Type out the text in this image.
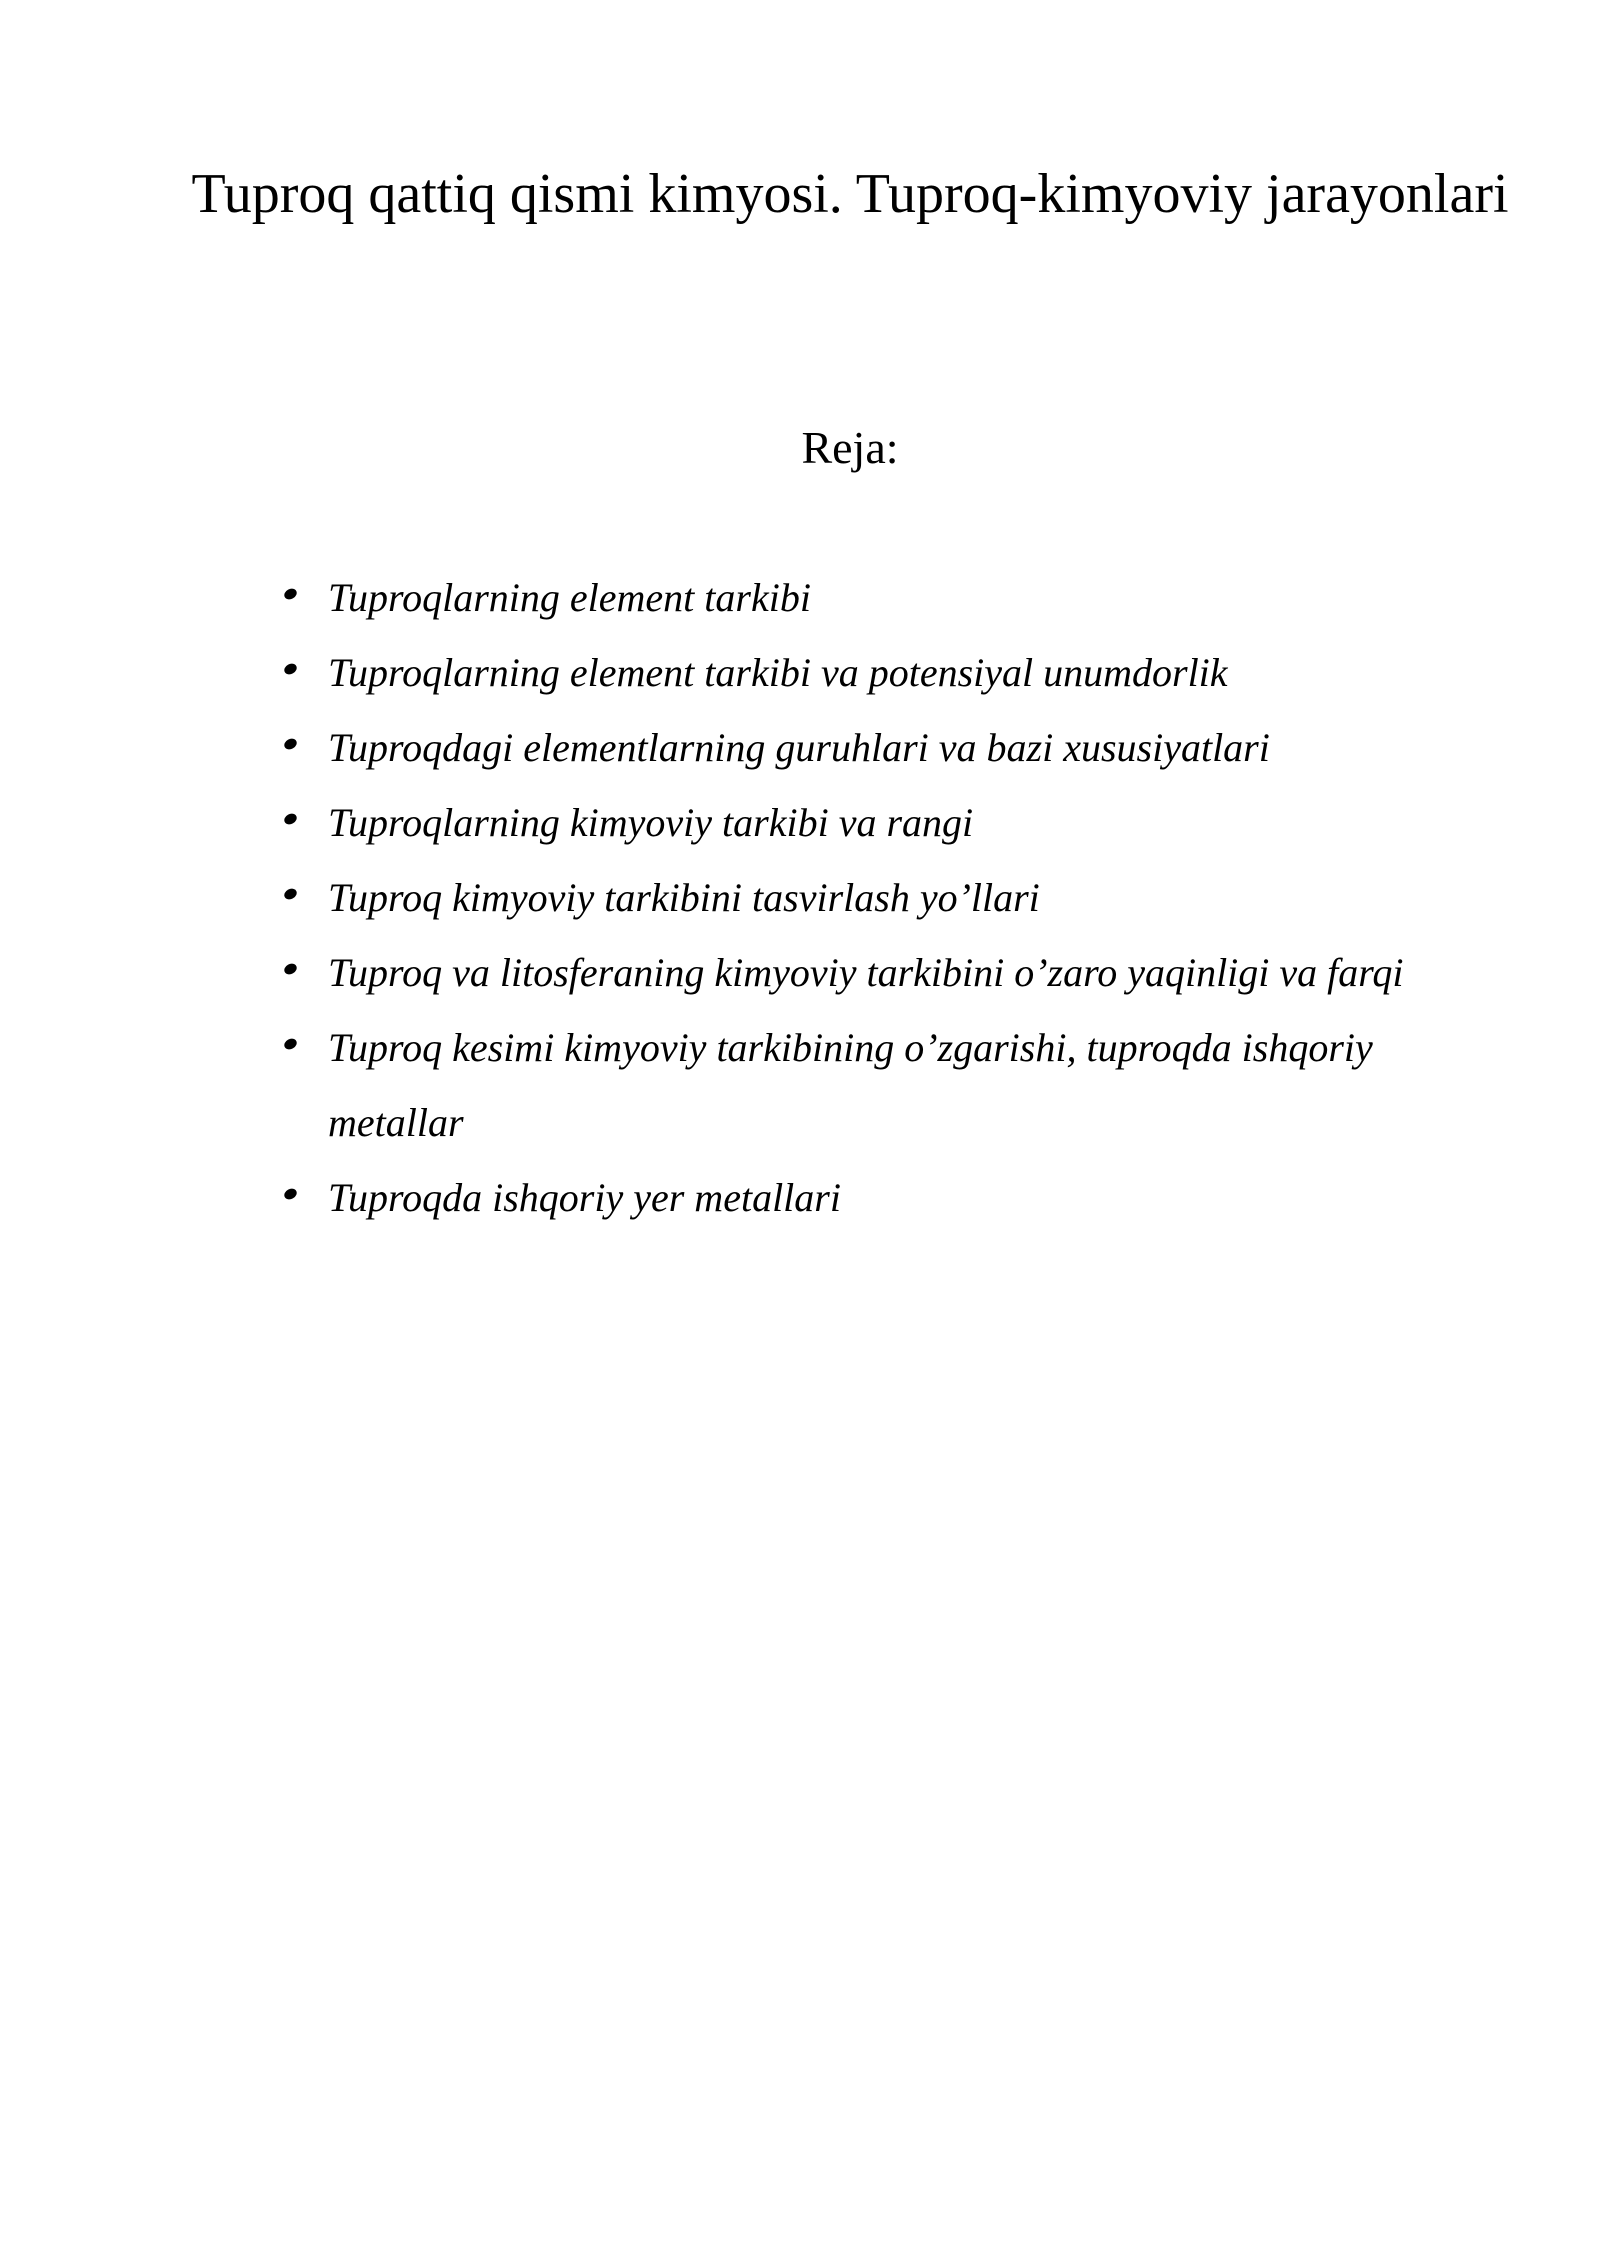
Tuproq qattiq qismi kimyosi. Tuproq-kimyoviy jarayonlari
Reja:
Tuproqlarning element tarkibi
Tuproqlarning element tarkibi va potensiyal unumdorlik
Tuproqdagi elementlarning guruhlari va bazi xususiyatlari
Tuproqlarning kimyoviy tarkibi va rangi
Tuproq kimyoviy tarkibini tasvirlash yo’llari
Tuproq va litosferaning kimyoviy tarkibini o’zaro yaqinligi va farqi
Tuproq kesimi kimyoviy tarkibining o’zgarishi, tuproqda ishqoriy metallar
Tuproqda ishqoriy yer metallari
